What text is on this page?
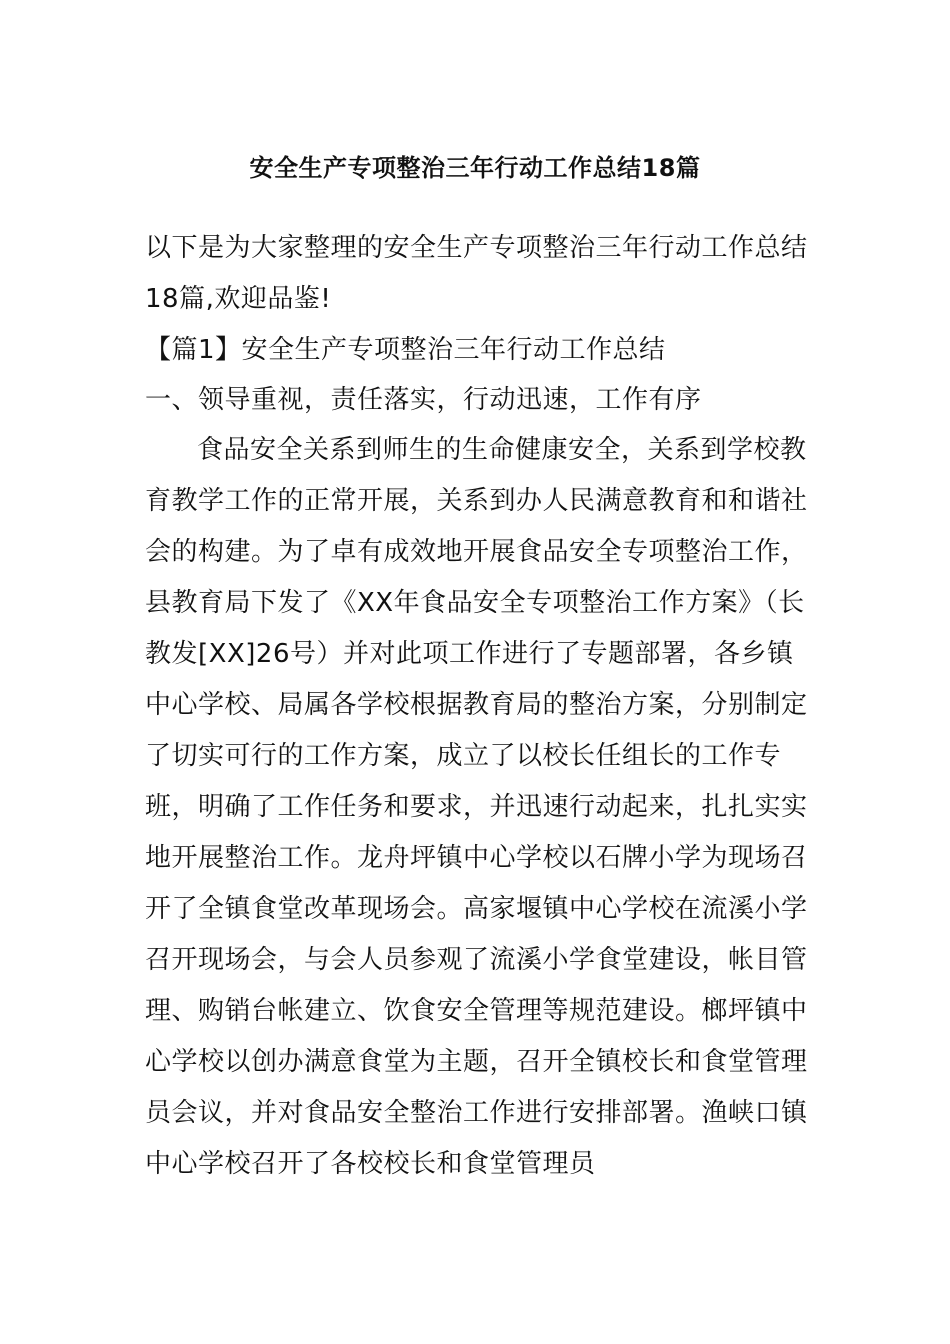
安全生产专项整治三年行动工作总结18篇

以下是为大家整理的安全生产专项整治三年行动工作总结18篇,欢迎品鉴!

【篇1】安全生产专项整治三年行动工作总结

一、领导重视，责任落实，行动迅速，工作有序

食品安全关系到师生的生命健康安全，关系到学校教育教学工作的正常开展，关系到办人民满意教育和和谐社会的构建。为了卓有成效地开展食品安全专项整治工作，县教育局下发了《XX年食品安全专项整治工作方案》（长教发[XX]26号）并对此项工作进行了专题部署，各乡镇中心学校、局属各学校根据教育局的整治方案，分别制定了切实可行的工作方案，成立了以校长任组长的工作专班，明确了工作任务和要求，并迅速行动起来，扎扎实实地开展整治工作。龙舟坪镇中心学校以石牌小学为现场召开了全镇食堂改革现场会。高家堰镇中心学校在流溪小学召开现场会，与会人员参观了流溪小学食堂建设，帐目管理、购销台帐建立、饮食安全管理等规范建设。榔坪镇中心学校以创办满意食堂为主题，召开全镇校长和食堂管理员会议，并对食品安全整治工作进行安排部署。渔峡口镇中心学校召开了各校校长和食堂管理员
